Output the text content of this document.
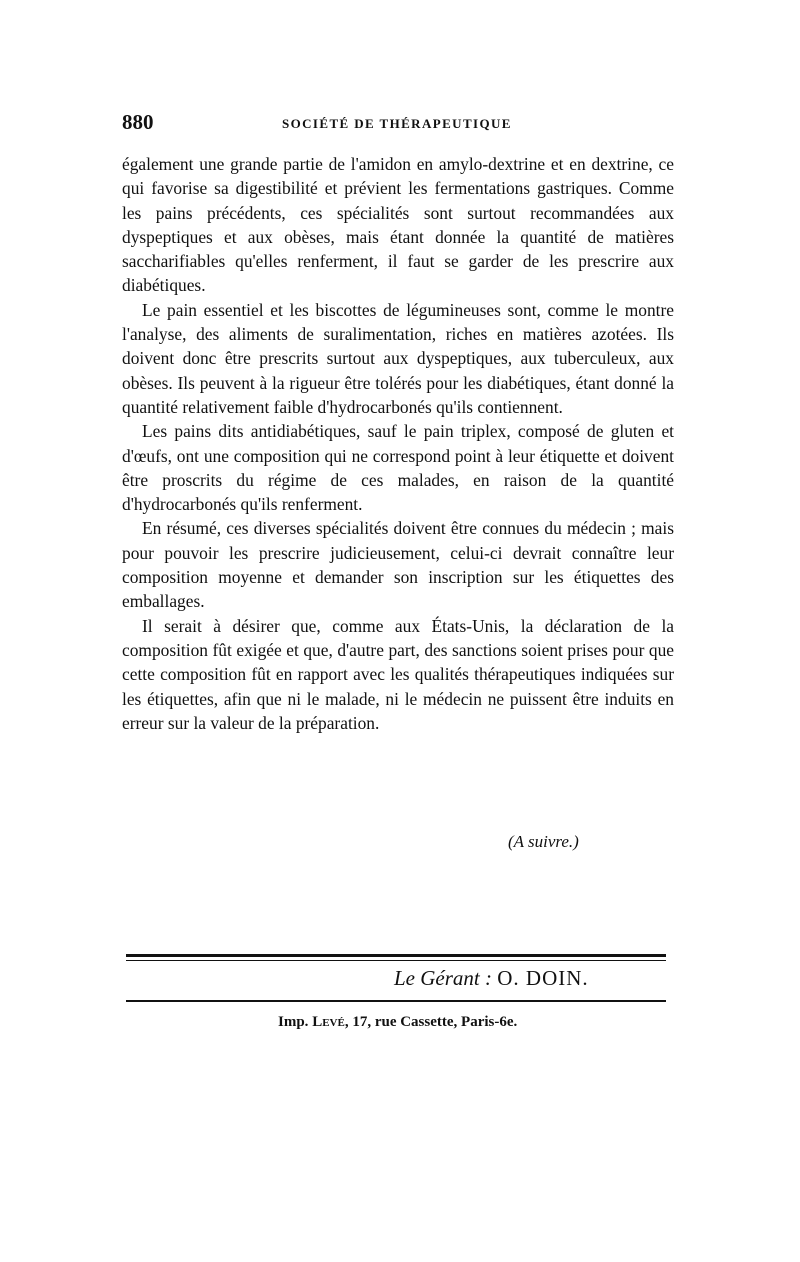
880	SOCIÉTÉ DE THÉRAPEUTIQUE

également une grande partie de l'amidon en amylo-dextrine et en dextrine, ce qui favorise sa digestibilité et prévient les fermentations gastriques. Comme les pains précédents, ces spécialités sont surtout recommandées aux dyspeptiques et aux obèses, mais étant donnée la quantité de matières saccharifiables qu'elles renferment, il faut se garder de les prescrire aux diabétiques.

Le pain essentiel et les biscottes de légumineuses sont, comme le montre l'analyse, des aliments de suralimentation, riches en matières azotées. Ils doivent donc être prescrits surtout aux dyspeptiques, aux tuberculeux, aux obèses. Ils peuvent à la rigueur être tolérés pour les diabétiques, étant donné la quantité relativement faible d'hydrocarbonés qu'ils contiennent.

Les pains dits antidiabétiques, sauf le pain triplex, composé de gluten et d'œufs, ont une composition qui ne correspond point à leur étiquette et doivent être proscrits du régime de ces malades, en raison de la quantité d'hydrocarbonés qu'ils renferment.

En résumé, ces diverses spécialités doivent être connues du médecin ; mais pour pouvoir les prescrire judicieusement, celui-ci devrait connaître leur composition moyenne et demander son inscription sur les étiquettes des emballages.

Il serait à désirer que, comme aux États-Unis, la déclaration de la composition fût exigée et que, d'autre part, des sanctions soient prises pour que cette composition fût en rapport avec les qualités thérapeutiques indiquées sur les étiquettes, afin que ni le malade, ni le médecin ne puissent être induits en erreur sur la valeur de la préparation.

(A suivre.)
Le Gérant : O. DOIN.
Imp. Levé, 17, rue Cassette, Paris-6e.
